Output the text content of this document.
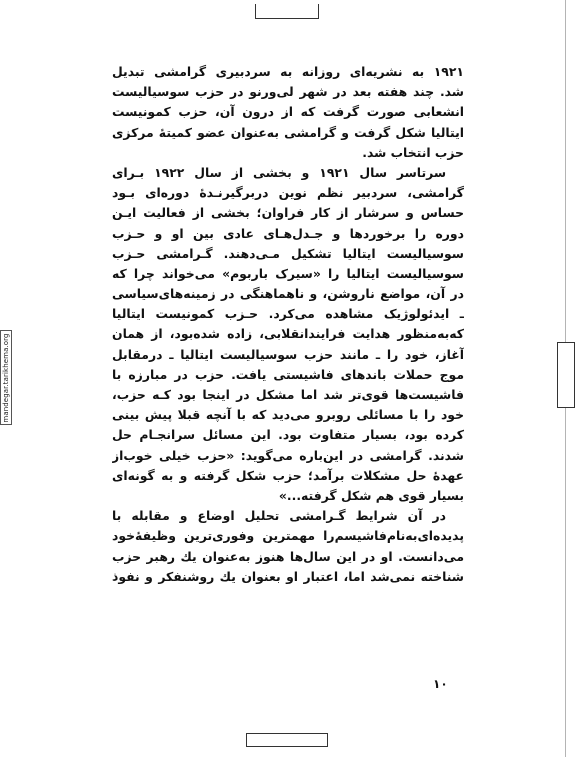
mandegar.tarikhema.org
۱۹۲۱ به نشریه‌ای روزانه به سردبیری گرامشی تبدیل
شد. چند هفته بعد در شهر لی‌ورنو در حزب سوسیالیست
انشعابی صورت گرفت که از درون آن، حزب کمونیست
ایتالیا شکل گرفت و گرامشی به‌عنوان عضو کمیتهٔ مرکزی
حزب انتخاب شد.
سرتاسر سال ۱۹۲۱ و بخشی از سال ۱۹۲۲ بـرای
گرامشی، سردبیر نظم نوین دربرگیرنـدهٔ دوره‌ای بـود
حساس و سرشار از کار فراوان؛ بخشی از فعالیت ایـن
دوره را برخوردها و جـدل‌هـای عادی بین او و حـزب
سوسیالیست ایتالیا تشکیل مـی‌دهند. گـرامشی حـزب
سوسیالیست ایتالیا را «سیرک باربوم» می‌خواند چرا که
در آن، مواضع ناروشن، و ناهماهنگی در زمینه‌های‌سیاسی
ـ ایدئولوژیک مشاهده می‌کرد. حـزب کمونیست ایتالیا
که‌به‌منظور هدایت فرایندانقلابی، زاده شده‌بود، از همان
آغاز، خود را ـ مانند حزب سوسیالیست ایتالیا ـ درمقابل
موج حملات باندهای فاشیستی یافت. حزب در مبارزه با
فاشیست‌ها قوی‌تر شد اما مشکل در اینجا بود کـه حزب،
خود را با مسائلی روبرو می‌دید که با آنچه قبلا پیش بینی
کرده بود، بسیار متفاوت بود. این مسائل سرانجـام حل
شدند. گرامشی در این‌باره می‌گوید: «حزب خیلی خوب‌از
عهدهٔ حل مشکلات برآمد؛ حزب شکل گرفته و به گونه‌ای
بسیار قوی هم شکل گرفته...»
در آن شرایط گـرامشی تحلیل اوضاع و مقابله با
پدیده‌ای‌به‌نام‌فاشیسم‌را مهمترین وفوری‌ترین وظیفهٔ‌خود
می‌دانست. او در این سال‌ها هنوز به‌عنوان یك رهبر حزب
شناخته نمی‌شد اما، اعتبار او بعنوان یك روشنفکر و نفوذ
۱۰
